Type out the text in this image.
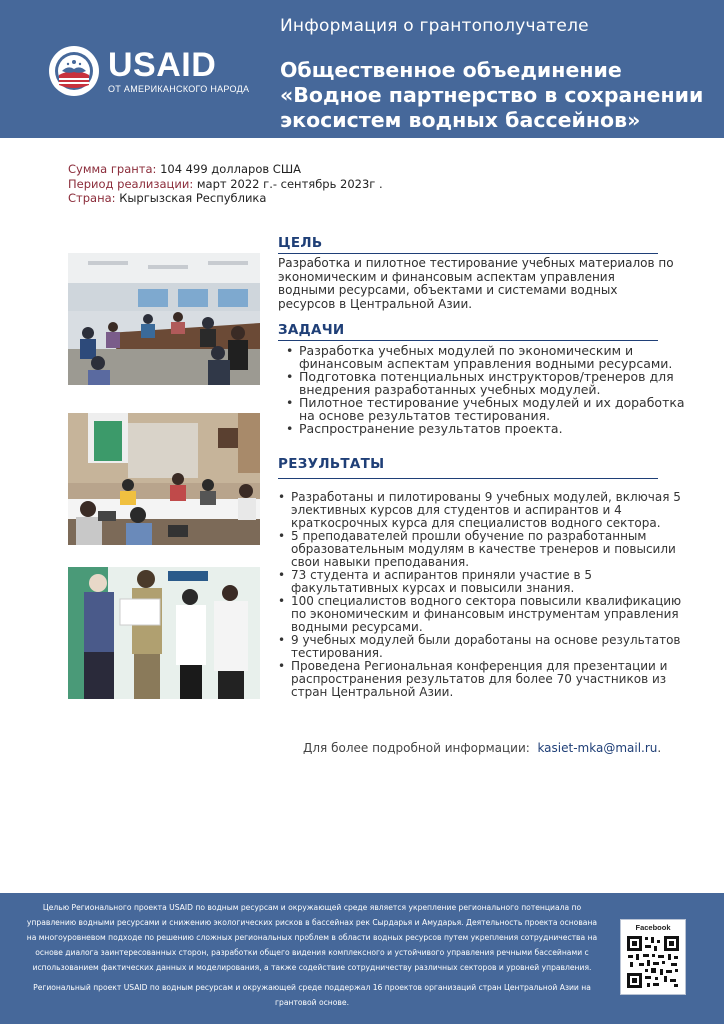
Информация о грантополучателе
USAID
ОТ АМЕРИКАНСКОГО НАРОДА
Общественное объединение
«Водное партнерство в сохранении
экосистем водных бассейнов»
Сумма гранта: 104 499 долларов США
Период реализации: март 2022 г.- сентябрь 2023г .
Страна: Кыргызская Республика
ЦЕЛЬ

Разработка и пилотное тестирование учебных материалов по
экономическим и финансовым аспектам управления
водными ресурсами, объектами и системами водных
ресурсов в Центральной Азии.

ЗАДАЧИ
• Разработка учебных модулей по экономическим и
финансовым аспектам управления водными ресурсами.
• Подготовка потенциальных инструкторов/тренеров для
внедрения разработанных учебных модулей.
• Пилотное тестирование учебных модулей и их доработка
на основе результатов тестирования.
• Распространение результатов проекта.
РЕЗУЛЬТАТЫ
• Разработаны и пилотированы 9 учебных модулей, включая 5
элективных курсов для студентов и аспирантов и 4
краткосрочных курса для специалистов водного сектора.
• 5 преподавателей прошли обучение по разработанным
образовательным модулям в качестве тренеров и повысили
свои навыки преподавания.
• 73 студента и аспирантов приняли участие в 5
факультативных курсах и повысили знания.
• 100 специалистов водного сектора повысили квалификацию
по экономическим и финансовым инструментам управления
водными ресурсами.
• 9 учебных модулей были доработаны на основе результатов
тестирования.
• Проведена Региональная конференция для презентации и
распространения результатов для более 70 участников из
стран Центральной Азии.
Для более подробной информации: kasiet-mka@mail.ru.

Целью Регионального проекта USAID по водным ресурсам и окружающей среде является укрепление регионального потенциала по
управлению водными ресурсами и снижению экологических рисков в бассейнах рек Сырдарья и Амударья. Деятельность проекта основана
на многоуровневом подходе по решению сложных региональных проблем в области водных ресурсов путем укрепления сотрудничества на
основе диалога заинтересованных сторон, разработки общего видения комплексного и устойчивого управления речными бассейнами с
использованием фактических данных и моделирования, а также содействие сотрудничеству различных секторов и уровней управления.

Региональный проект USAID по водным ресурсам и окружающей среде поддержал 16 проектов организаций стран Центральной Азии на
грантовой основе.

Facebook
